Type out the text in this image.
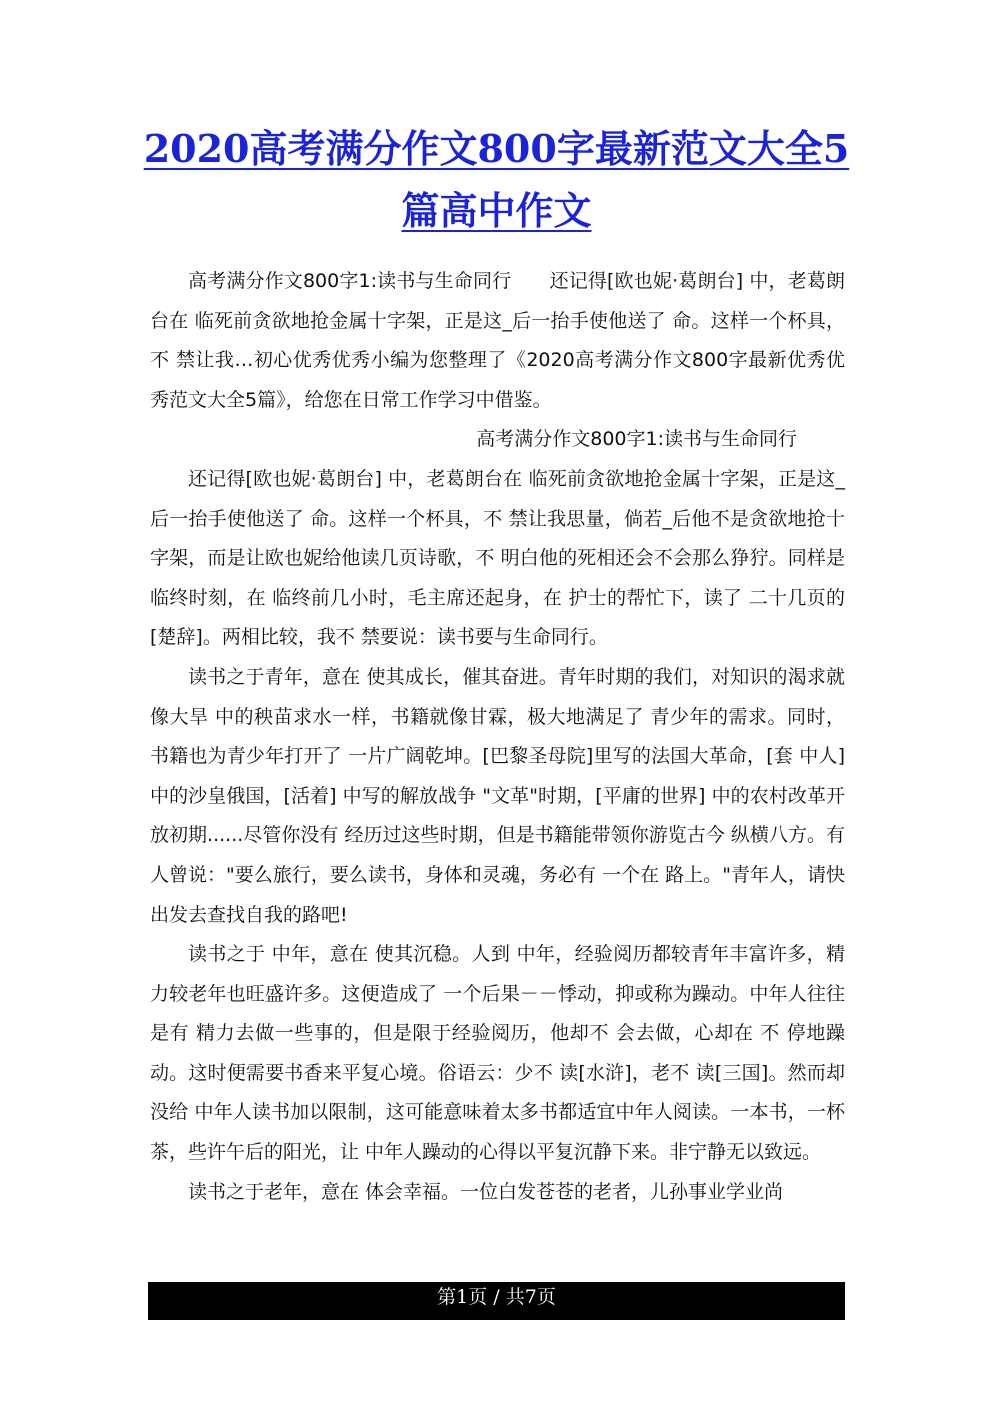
2020高考满分作文800字最新范文大全5
篇高中作文

高考满分作文800字1:读书与生命同行　　还记得[欧也妮·葛朗台] 中，老葛朗台在 临死前贪欲地抢金属十字架，正是这_后一抬手使他送了 命。这样一个杯具，不 禁让我…初心优秀优秀小编为您整理了《2020高考满分作文800字最新优秀优秀范文大全5篇》，给您在日常工作学习中借鉴。

高考满分作文800字1:读书与生命同行

还记得[欧也妮·葛朗台] 中，老葛朗台在 临死前贪欲地抢金属十字架，正是这_后一抬手使他送了 命。这样一个杯具，不 禁让我思量，倘若_后他不是贪欲地抢十字架，而是让欧也妮给他读几页诗歌，不 明白他的死相还会不会那么狰狞。同样是临终时刻，在 临终前几小时，毛主席还起身，在 护士的帮忙下，读了 二十几页的[楚辞]。两相比较，我不 禁要说：读书要与生命同行。

读书之于青年，意在 使其成长，催其奋进。青年时期的我们，对知识的渴求就像大旱 中的秧苗求水一样，书籍就像甘霖，极大地满足了 青少年的需求。同时，书籍也为青少年打开了 一片广阔乾坤。[巴黎圣母院]里写的法国大革命，[套 中人] 中的沙皇俄国，[活着] 中写的解放战争 "文革"时期，[平庸的世界] 中的农村改革开放初期......尽管你没有 经历过这些时期，但是书籍能带领你游览古今 纵横八方。有 人曾说："要么旅行，要么读书，身体和灵魂，务必有 一个在 路上。"青年人，请快出发去查找自我的路吧!

读书之于 中年，意在 使其沉稳。人到 中年，经验阅历都较青年丰富许多，精力较老年也旺盛许多。这便造成了 一个后果－－悸动，抑或称为躁动。中年人往往是有 精力去做一些事的，但是限于经验阅历，他却不 会去做，心却在 不 停地躁动。这时便需要书香来平复心境。俗语云：少不 读[水浒]，老不 读[三国]。然而却没给 中年人读书加以限制，这可能意味着太多书都适宜中年人阅读。一本书，一杯茶，些许午后的阳光，让 中年人躁动的心得以平复沉静下来。非宁静无以致远。

读书之于老年，意在 体会幸福。一位白发苍苍的老者，儿孙事业学业尚

第1页 / 共7页
